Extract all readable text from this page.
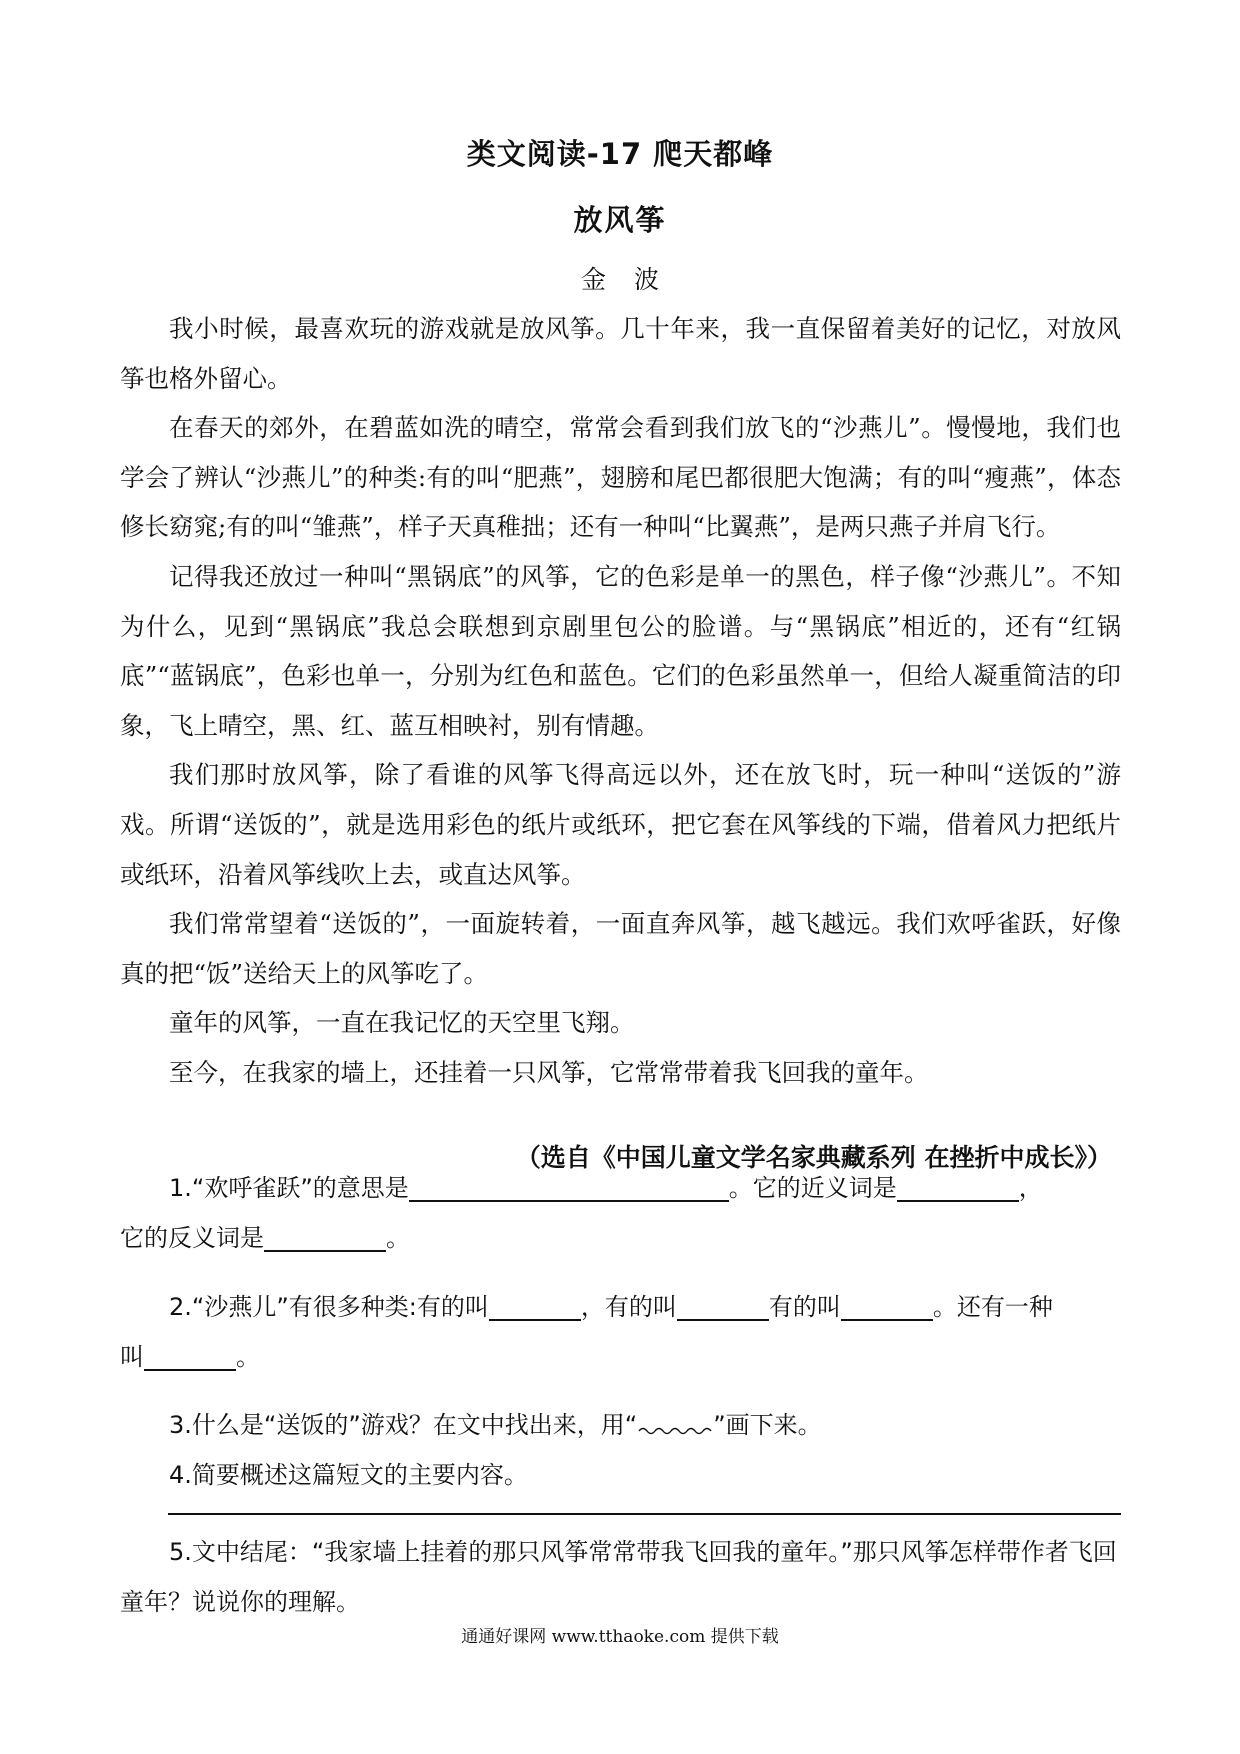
类文阅读-17 爬天都峰
放风筝
金波

我小时候，最喜欢玩的游戏就是放风筝。几十年来，我一直保留着美好的记忆，对放风筝也格外留心。

在春天的郊外，在碧蓝如洗的晴空，常常会看到我们放飞的“沙燕儿”。慢慢地，我们也学会了辨认“沙燕儿”的种类:有的叫“肥燕”，翅膀和尾巴都很肥大饱满；有的叫“瘦燕”，体态修长窈窕;有的叫“雏燕”，样子天真稚拙；还有一种叫“比翼燕”，是两只燕子并肩飞行。

记得我还放过一种叫“黑锅底”的风筝，它的色彩是单一的黑色，样子像“沙燕儿”。不知为什么，见到“黑锅底”我总会联想到京剧里包公的脸谱。与“黑锅底”相近的，还有“红锅底”“蓝锅底”，色彩也单一，分别为红色和蓝色。它们的色彩虽然单一，但给人凝重简洁的印象，飞上晴空，黑、红、蓝互相映衬，别有情趣。

我们那时放风筝，除了看谁的风筝飞得高远以外，还在放飞时，玩一种叫“送饭的”游戏。所谓“送饭的”，就是选用彩色的纸片或纸环，把它套在风筝线的下端，借着风力把纸片或纸环，沿着风筝线吹上去，或直达风筝。

我们常常望着“送饭的”，一面旋转着，一面直奔风筝，越飞越远。我们欢呼雀跃，好像真的把“饭”送给天上的风筝吃了。

童年的风筝，一直在我记忆的天空里飞翔。

至今，在我家的墙上，还挂着一只风筝，它常常带着我飞回我的童年。

（选自《中国儿童文学名家典藏系列 在挫折中成长》）

1.“欢呼雀跃”的意思是	。它的近义词是	，

它的反义词是	。

2.“沙燕儿”有很多种类:有的叫	，有的叫	有的叫	。还有一种

叫	。

3.什么是“送饭的”游戏？在文中找出来，用“	”画下来。

4.简要概述这篇短文的主要内容。

5.文中结尾：“我家墙上挂着的那只风筝常常带我飞回我的童年。”那只风筝怎样带作者飞回童年？说说你的理解。

通通好课网 www.tthaoke.com 提供下载
